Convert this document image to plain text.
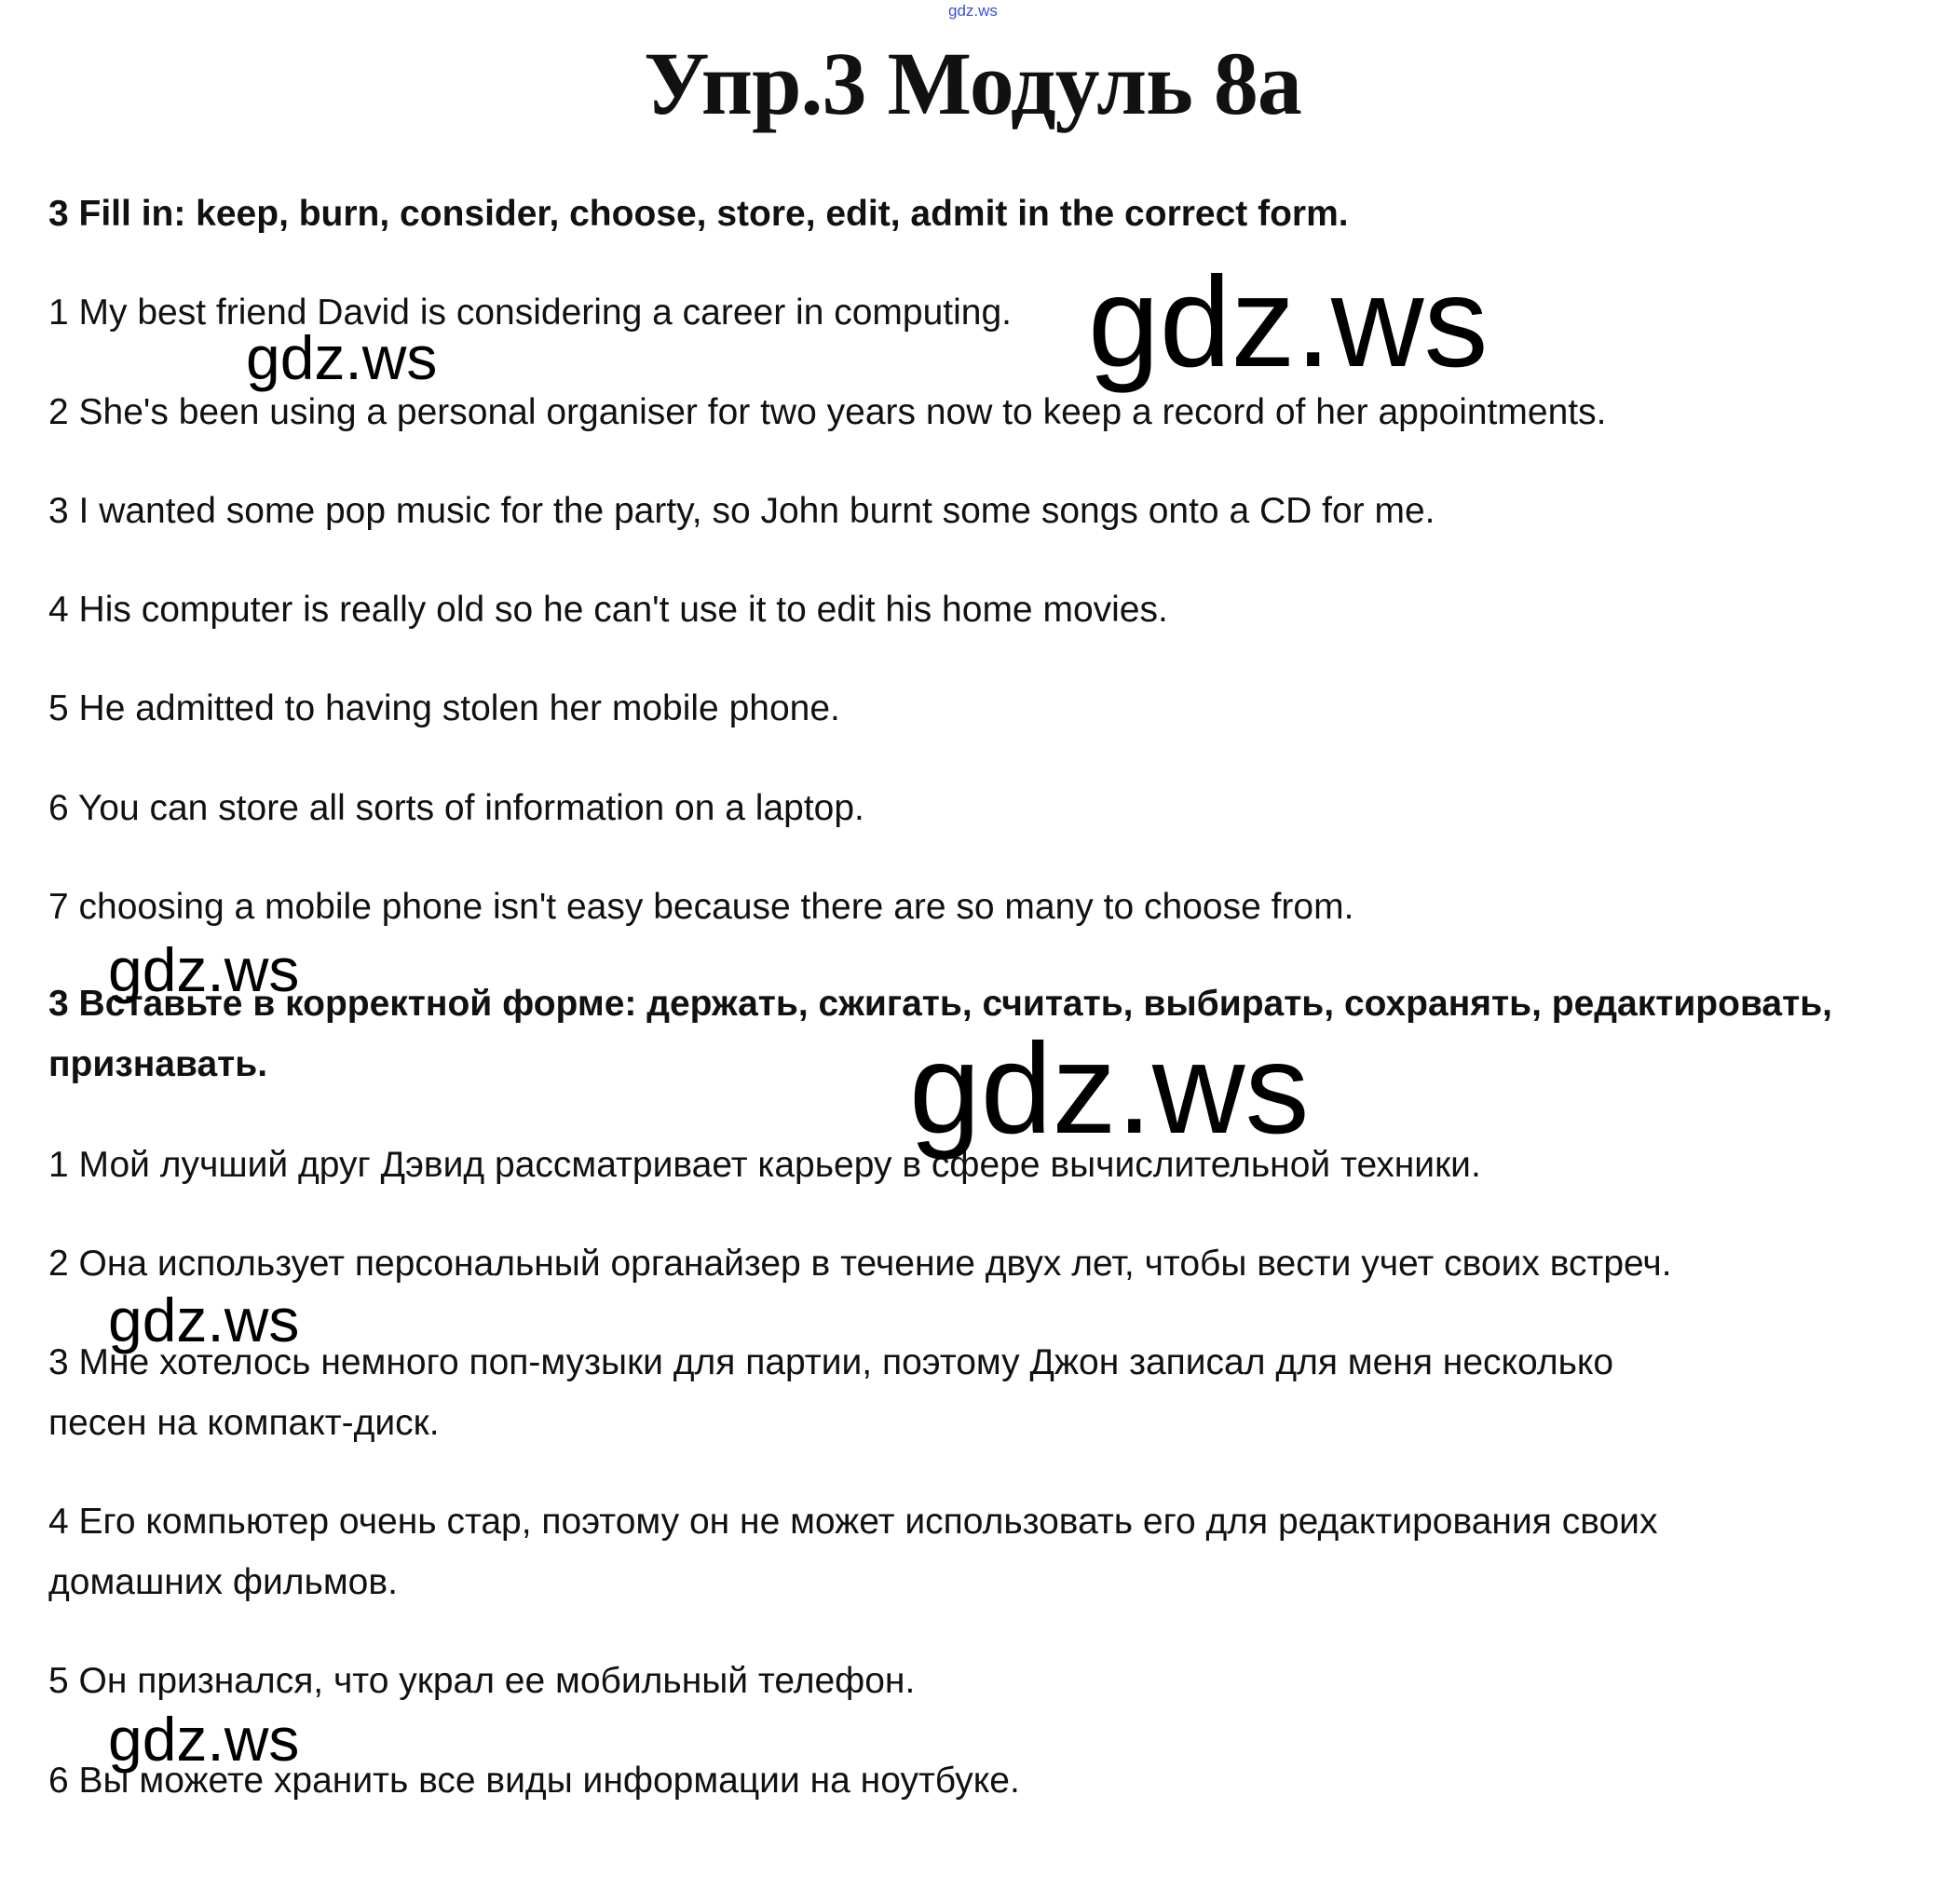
gdz.ws
Упр.3 Модуль 8а
3 Fill in: keep, burn, consider, choose, store, edit, admit in the correct form.
1 My best friend David is considering a career in computing.
2 She's been using a personal organiser for two years now to keep a record of her appointments.
3 I wanted some pop music for the party, so John burnt some songs onto a CD for me.
4 His computer is really old so he can't use it to edit his home movies.
5 He admitted to having stolen her mobile phone.
6 You can store all sorts of information on a laptop.
7 choosing a mobile phone isn't easy because there are so many to choose from.
3 Вставьте в корректной форме: держать, сжигать, считать, выбирать, сохранять, редактировать,
признавать.
1 Мой лучший друг Дэвид рассматривает карьеру в сфере вычислительной техники.
2 Она использует персональный органайзер в течение двух лет, чтобы вести учет своих встреч.
3 Мне хотелось немного поп-музыки для партии, поэтому Джон записал для меня несколько
песен на компакт-диск.
4 Его компьютер очень стар, поэтому он не может использовать его для редактирования своих
домашних фильмов.
5 Он признался, что украл ее мобильный телефон.
6 Вы можете хранить все виды информации на ноутбуке.
gdz.ws	gdz.ws
gdz.ws
gdz.ws
gdz.ws
gdz.ws
